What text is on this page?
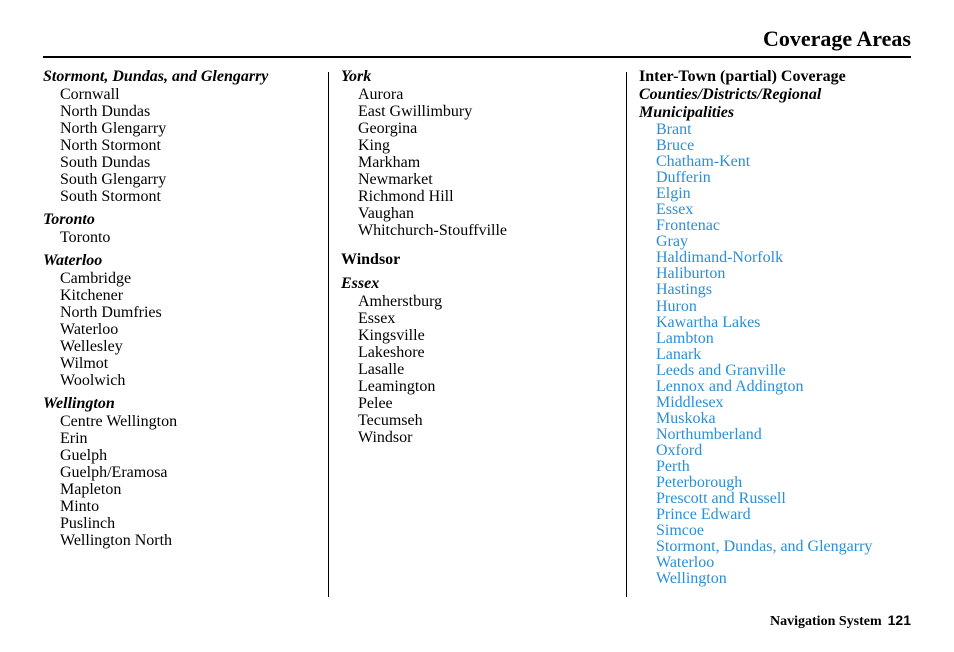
Coverage Areas
Stormont, Dundas, and Glengarry
Cornwall
North Dundas
North Glengarry
North Stormont
South Dundas
South Glengarry
South Stormont
Toronto
Toronto
Waterloo
Cambridge
Kitchener
North Dumfries
Waterloo
Wellesley
Wilmot
Woolwich
Wellington
Centre Wellington
Erin
Guelph
Guelph/Eramosa
Mapleton
Minto
Puslinch
Wellington North
York
Aurora
East Gwillimbury
Georgina
King
Markham
Newmarket
Richmond Hill
Vaughan
Whitchurch-Stouffville
Windsor
Essex
Amherstburg
Essex
Kingsville
Lakeshore
Lasalle
Leamington
Pelee
Tecumseh
Windsor
Inter-Town (partial) Coverage
Counties/Districts/Regional
Municipalities
Brant
Bruce
Chatham-Kent
Dufferin
Elgin
Essex
Frontenac
Gray
Haldimand-Norfolk
Haliburton
Hastings
Huron
Kawartha Lakes
Lambton
Lanark
Leeds and Granville
Lennox and Addington
Middlesex
Muskoka
Northumberland
Oxford
Perth
Peterborough
Prescott and Russell
Prince Edward
Simcoe
Stormont, Dundas, and Glengarry
Waterloo
Wellington
Navigation System 121
